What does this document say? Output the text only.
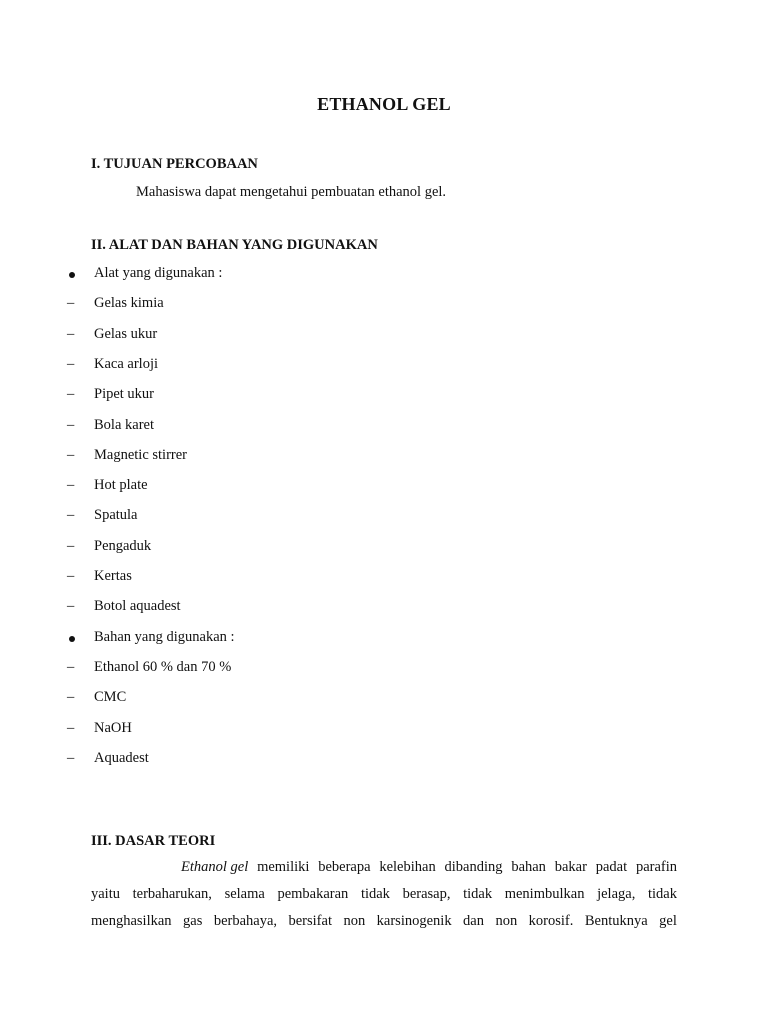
ETHANOL GEL
I. TUJUAN PERCOBAAN
Mahasiswa dapat mengetahui pembuatan ethanol gel.
II. ALAT DAN BAHAN YANG DIGUNAKAN
Alat yang digunakan :
–	Gelas kimia
–	Gelas ukur
–	Kaca arloji
–	Pipet ukur
–	Bola karet
–	Magnetic stirrer
–	Hot plate
–	Spatula
–	Pengaduk
–	Kertas
–	Botol aquadest
Bahan yang digunakan :
–	Ethanol 60 % dan 70 %
–	CMC
–	NaOH
–	Aquadest
III. DASAR TEORI
Ethanol gel memiliki beberapa kelebihan dibanding bahan bakar padat parafin
yaitu terbaharukan, selama pembakaran tidak berasap, tidak menimbulkan jelaga, tidak
menghasilkan gas berbahaya, bersifat non karsinogenik dan non korosif. Bentuknya gel
